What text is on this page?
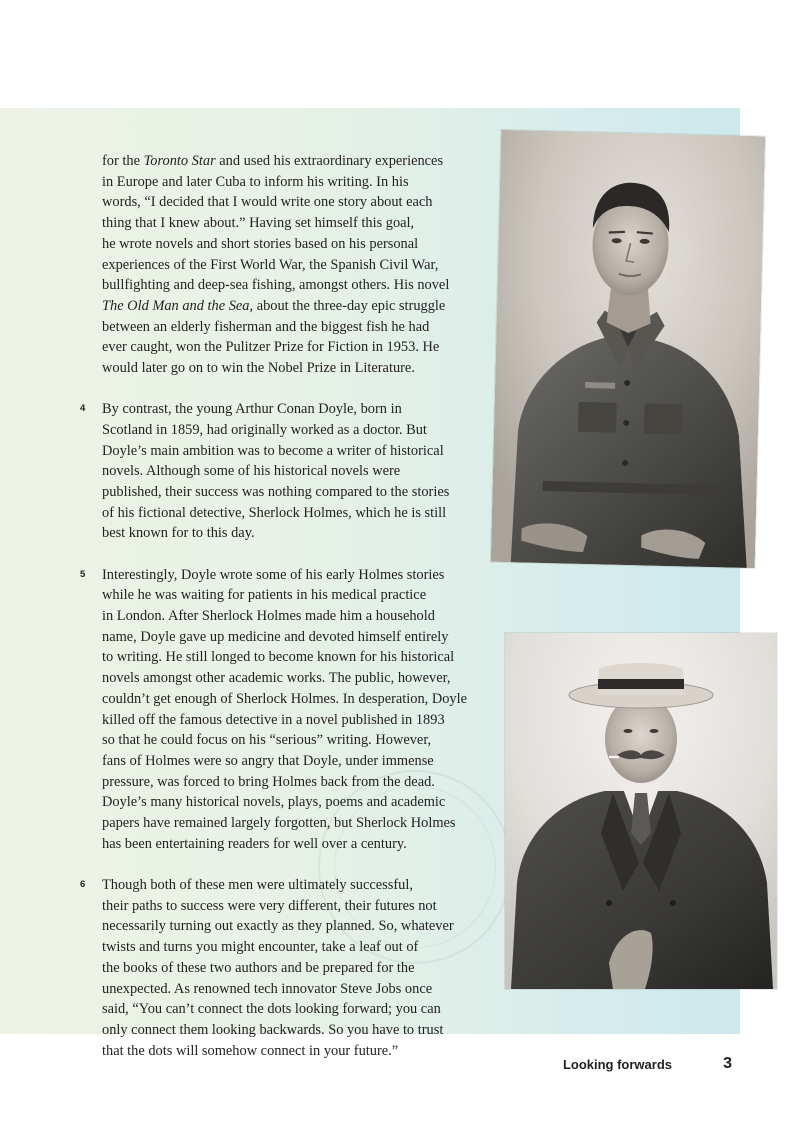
for the Toronto Star and used his extraordinary experiences
in Europe and later Cuba to inform his writing. In his
words, “I decided that I would write one story about each
thing that I knew about.” Having set himself this goal,
he wrote novels and short stories based on his personal
experiences of the First World War, the Spanish Civil War,
bullfighting and deep-sea fishing, amongst others. His novel
The Old Man and the Sea, about the three-day epic struggle
between an elderly fisherman and the biggest fish he had
ever caught, won the Pulitzer Prize for Fiction in 1953. He
would later go on to win the Nobel Prize in Literature.

4 By contrast, the young Arthur Conan Doyle, born in
Scotland in 1859, had originally worked as a doctor. But
Doyle’s main ambition was to become a writer of historical
novels. Although some of his historical novels were
published, their success was nothing compared to the stories
of his fictional detective, Sherlock Holmes, which he is still
best known for to this day.

5 Interestingly, Doyle wrote some of his early Holmes stories
while he was waiting for patients in his medical practice
in London. After Sherlock Holmes made him a household
name, Doyle gave up medicine and devoted himself entirely
to writing. He still longed to become known for his historical
novels amongst other academic works. The public, however,
couldn’t get enough of Sherlock Holmes. In desperation, Doyle
killed off the famous detective in a novel published in 1893
so that he could focus on his “serious” writing. However,
fans of Holmes were so angry that Doyle, under immense
pressure, was forced to bring Holmes back from the dead.
Doyle’s many historical novels, plays, poems and academic
papers have remained largely forgotten, but Sherlock Holmes
has been entertaining readers for well over a century.

6 Though both of these men were ultimately successful,
their paths to success were very different, their futures not
necessarily turning out exactly as they planned. So, whatever
twists and turns you might encounter, take a leaf out of
the books of these two authors and be prepared for the
unexpected. As renowned tech innovator Steve Jobs once
said, “You can’t connect the dots looking forward; you can
only connect them looking backwards. So you have to trust
that the dots will somehow connect in your future.”

Looking forwards	3
